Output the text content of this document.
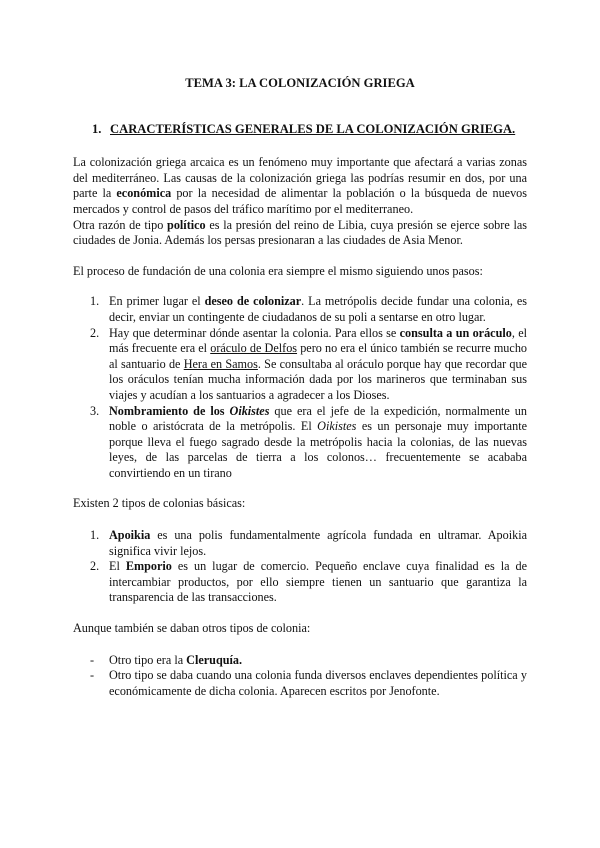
TEMA 3: LA COLONIZACIÓN GRIEGA
1. CARACTERÍSTICAS GENERALES DE LA COLONIZACIÓN GRIEGA.

La colonización griega arcaica es un fenómeno muy importante que afectará a varias zonas del mediterráneo. Las causas de la colonización griega las podrías resumir en dos, por una parte la económica por la necesidad de alimentar la población o la búsqueda de nuevos mercados y control de pasos del tráfico marítimo por el mediterraneo.

Otra razón de tipo político es la presión del reino de Libia, cuya presión se ejerce sobre las ciudades de Jonia. Además los persas presionaran a las ciudades de Asia Menor.

El proceso de fundación de una colonia era siempre el mismo siguiendo unos pasos:

1. En primer lugar el deseo de colonizar. La metrópolis decide fundar una colonia, es decir, enviar un contingente de ciudadanos de su poli a sentarse en otro lugar.
2. Hay que determinar dónde asentar la colonia. Para ellos se consulta a un oráculo, el más frecuente era el oráculo de Delfos pero no era el único también se recurre mucho al santuario de Hera en Samos. Se consultaba al oráculo porque hay que recordar que los oráculos tenían mucha información dada por los marineros que terminaban sus viajes y acudían a los santuarios a agradecer a los Dioses.
3. Nombramiento de los Oikistes que era el jefe de la expedición, normalmente un noble o aristócrata de la metrópolis. El Oikistes es un personaje muy importante porque lleva el fuego sagrado desde la metrópolis hacia la colonias, de las nuevas leyes, de las parcelas de tierra a los colonos… frecuentemente se acababa convirtiendo en un tirano

Existen 2 tipos de colonias básicas:

1. Apoikia es una polis fundamentalmente agrícola fundada en ultramar. Apoikia significa vivir lejos.
2. El Emporio es un lugar de comercio. Pequeño enclave cuya finalidad es la de intercambiar productos, por ello siempre tienen un santuario que garantiza la transparencia de las transacciones.

Aunque también se daban otros tipos de colonia:

-	Otro tipo era la Cleruquía.
-	Otro tipo se daba cuando una colonia funda diversos enclaves dependientes política y económicamente de dicha colonia. Aparecen escritos por Jenofonte.
